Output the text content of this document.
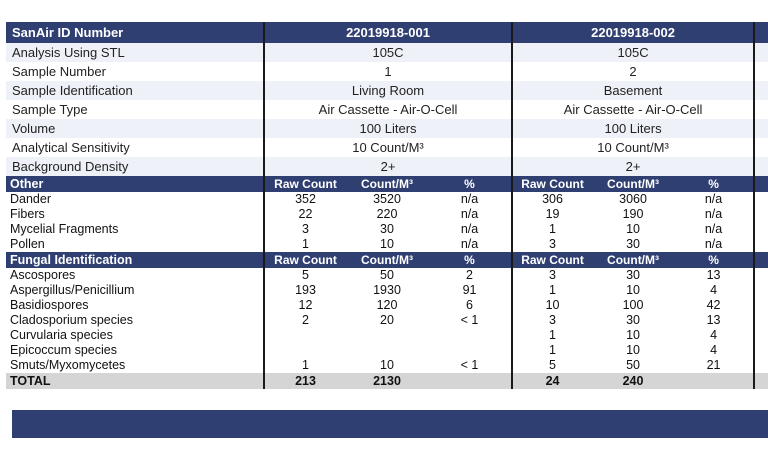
SanAir ID Number	22019918-001			22019918-002			
Analysis Using STL	105C			105C			
Sample Number	1			2			
Sample Identification	Living Room			Basement			
Sample Type	Air Cassette - Air-O-Cell			Air Cassette - Air-O-Cell			
Volume	100 Liters			100 Liters			
Analytical Sensitivity	10 Count/M³			10 Count/M³			
Background Density	2+			2+			
Other	Raw Count	Count/M³	%	Raw Count	Count/M³	%	
Dander	352	3520	n/a	306	3060	n/a	
Fibers	22	220	n/a	19	190	n/a	
Mycelial Fragments	3	30	n/a	1	10	n/a	
Pollen	1	10	n/a	3	30	n/a	
Fungal Identification	Raw Count	Count/M³	%	Raw Count	Count/M³	%	
Ascospores	5	50	2	3	30	13	
Aspergillus/Penicillium	193	1930	91	1	10	4	
Basidiospores	12	120	6	10	100	42	
Cladosporium species	2	20	< 1	3	30	13	
Curvularia species				1	10	4	
Epicoccum species				1	10	4	
Smuts/Myxomycetes	1	10	< 1	5	50	21	
TOTAL	213	2130		24	240		
